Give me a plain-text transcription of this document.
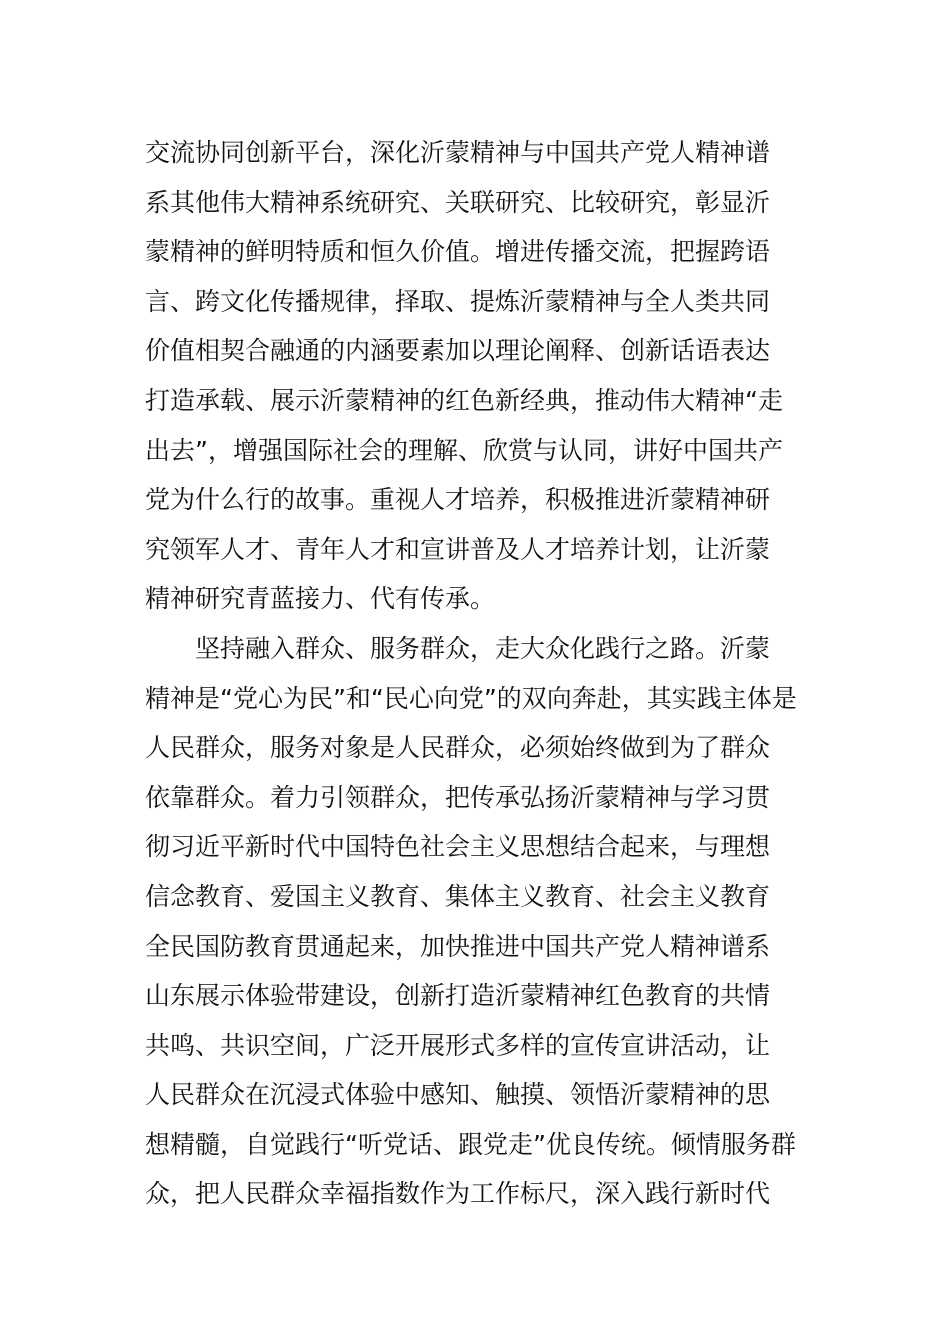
交流协同创新平台，深化沂蒙精神与中国共产党人精神谱
系其他伟大精神系统研究、关联研究、比较研究，彰显沂
蒙精神的鲜明特质和恒久价值。增进传播交流，把握跨语
言、跨文化传播规律，择取、提炼沂蒙精神与全人类共同
价值相契合融通的内涵要素加以理论阐释、创新话语表达
打造承载、展示沂蒙精神的红色新经典，推动伟大精神“走
出去”，增强国际社会的理解、欣赏与认同，讲好中国共产
党为什么行的故事。重视人才培养，积极推进沂蒙精神研
究领军人才、青年人才和宣讲普及人才培养计划，让沂蒙
精神研究青蓝接力、代有传承。
坚持融入群众、服务群众，走大众化践行之路。沂蒙
精神是“党心为民”和“民心向党”的双向奔赴，其实践主体是
人民群众，服务对象是人民群众，必须始终做到为了群众
依靠群众。着力引领群众，把传承弘扬沂蒙精神与学习贯
彻习近平新时代中国特色社会主义思想结合起来，与理想
信念教育、爱国主义教育、集体主义教育、社会主义教育
全民国防教育贯通起来，加快推进中国共产党人精神谱系
山东展示体验带建设，创新打造沂蒙精神红色教育的共情
共鸣、共识空间，广泛开展形式多样的宣传宣讲活动，让
人民群众在沉浸式体验中感知、触摸、领悟沂蒙精神的思
想精髓，自觉践行“听党话、跟党走”优良传统。倾情服务群
众，把人民群众幸福指数作为工作标尺，深入践行新时代
